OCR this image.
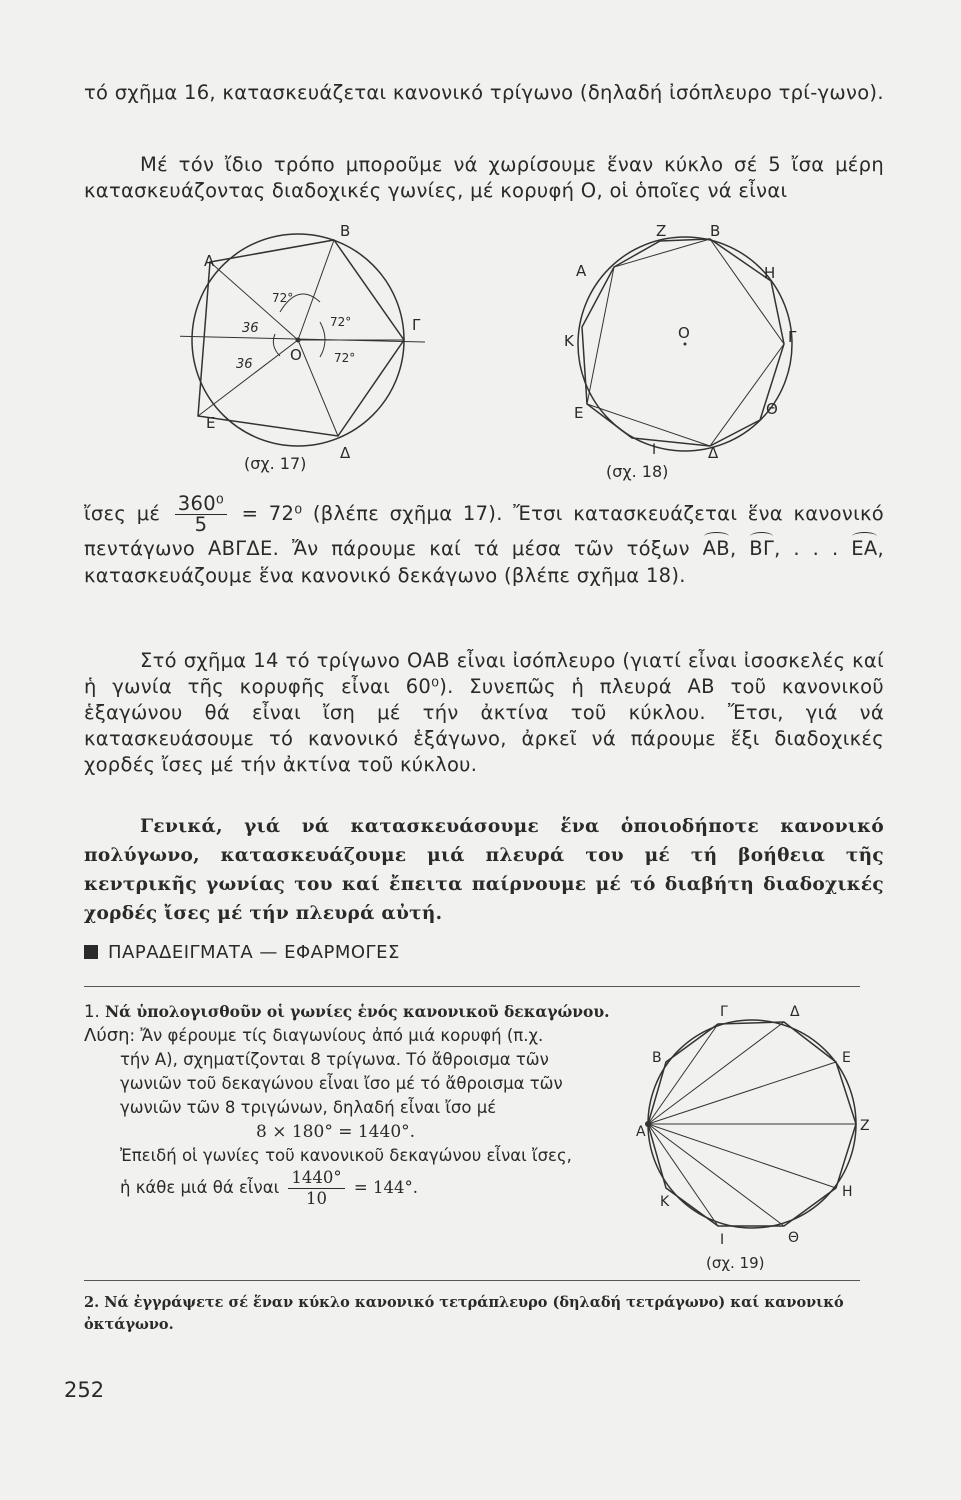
τό σχῆμα 16, κατασκευάζεται κανονικό τρίγωνο (δηλαδή ἰσόπλευρο τρί-γωνο).

Μέ τόν ἴδιο τρόπο μποροῦμε νά χωρίσουμε ἕναν κύκλο σέ 5 ἴσα μέρη κατασκευάζοντας διαδοχικές γωνίες, μέ κορυφή Ο, οἱ ὁποῖες νά εἶναι

Α
Β
Γ
Δ
Ε
Ο
72°
72°
72°
36
36
(σχ. 17)
Α
Ζ	Β
Η
Γ
Θ
Δ
Ι
Ε
Κ	Ο
(σχ. 18)

ἴσες μέ $\frac{\text{360⁰}}{5} = 72^0$ (βλέπε σχῆμα 17). Ἔτσι κατασκευάζεται ἕνα κανονικό πεντάγωνο ΑΒΓΔΕ. Ἄν πάρουμε καί τά μέσα τῶν τόξων ΑΒ, ΒΓ, . . . ΕΑ, κατασκευάζουμε ἕνα κανονικό δεκάγωνο (βλέπε σχῆμα 18).

Στό σχῆμα 14 τό τρίγωνο ΟΑΒ εἶναι ἰσόπλευρο (γιατί εἶναι ἰσοσκελές καί ἡ γωνία τῆς κορυφῆς εἶναι 60⁰). Συνεπῶς ἡ πλευρά ΑΒ τοῦ κανονικοῦ ἑξαγώνου θά εἶναι ἴση μέ τήν ἀκτίνα τοῦ κύκλου. Ἔτσι, γιά νά κατασκευάσουμε τό κανονικό ἑξάγωνο, ἀρκεῖ νά πάρουμε ἕξι διαδοχικές χορδές ἴσες μέ τήν ἀκτίνα τοῦ κύκλου.

Γενικά, γιά νά κατασκευάσουμε ἕνα ὁποιοδήποτε κανονικό πολύγωνο, κατασκευάζουμε μιά πλευρά του μέ τή βοήθεια τῆς κεντρικῆς γωνίας του καί ἔπειτα παίρνουμε μέ τό διαβήτη διαδοχικές χορδές ἴσες μέ τήν πλευρά αὐτή.

ΠΑΡΑΔΕΙΓΜΑΤΑ — ΕΦΑΡΜΟΓΕΣ
1. Νά ὑπολογισθοῦν οἱ γωνίες ἑνός κανονικοῦ δεκαγώνου.
Λύση: Ἄν φέρουμε τίς διαγωνίους ἀπό μιά κορυφή (π.χ.
τήν Α), σχηματίζονται 8 τρίγωνα. Τό ἄθροισμα τῶν
γωνιῶν τοῦ δεκαγώνου εἶναι ἴσο μέ τό ἄθροισμα τῶν
γωνιῶν τῶν 8 τριγώνων, δηλαδή εἶναι ἴσο μέ
8 × 180° = 1440°.
Ἐπειδή οἱ γωνίες τοῦ κανονικοῦ δεκαγώνου εἶναι ἴσες,
ἡ κάθε μιά θά εἶναι $\frac{1440^\circ}{10} = 144^\circ$.
Γ	Δ
Β	Ε
Α	Ζ
Κ
Η
Ι	Θ
(σχ. 19)
2. Νά ἐγγράψετε σέ ἕναν κύκλο κανονικό τετράπλευρο (δηλαδή τετράγωνο) καί κανονικό ὀκτάγωνο.
252
